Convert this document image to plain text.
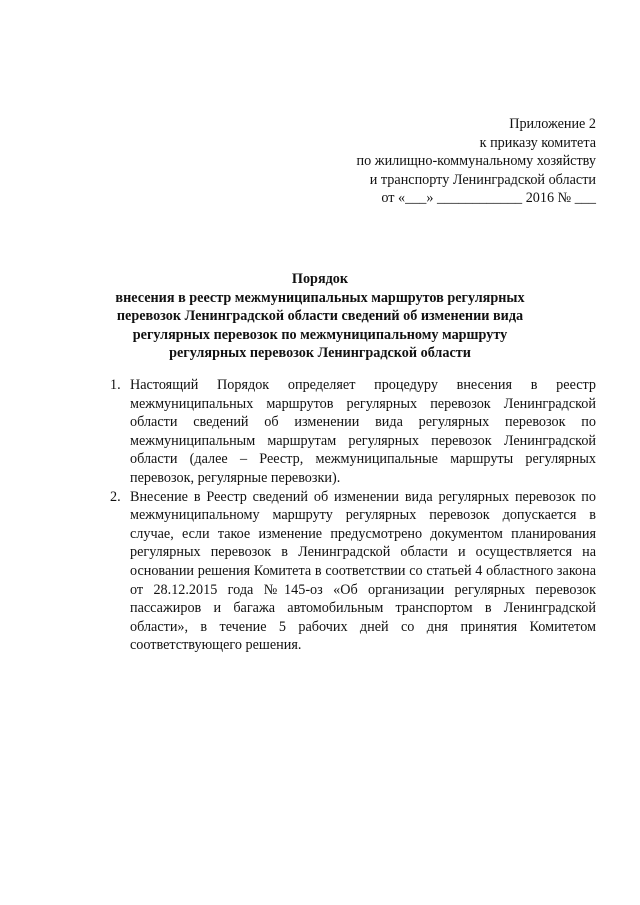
Приложение 2
к приказу комитета
по жилищно-коммунальному хозяйству
и транспорту Ленинградской области
от «___» ____________ 2016 № ___
Порядок
внесения в реестр межмуниципальных маршрутов регулярных
перевозок Ленинградской области сведений об изменении вида
регулярных перевозок по межмуниципальному маршруту
регулярных перевозок Ленинградской области
1. Настоящий Порядок определяет процедуру внесения в реестр межмуниципальных маршрутов регулярных перевозок Ленинградской области сведений об изменении вида регулярных перевозок по межмуниципальным маршрутам регулярных перевозок Ленинградской области (далее – Реестр, межмуниципальные маршруты регулярных перевозок, регулярные перевозки).
2. Внесение в Реестр сведений об изменении вида регулярных перевозок по межмуниципальному маршруту регулярных перевозок допускается в случае, если такое изменение предусмотрено документом планирования регулярных перевозок в Ленинградской области и осуществляется на основании решения Комитета в соответствии со статьей 4 областного закона от 28.12.2015 года №145-оз «Об организации регулярных перевозок пассажиров и багажа автомобильным транспортом в Ленинградской области», в течение 5 рабочих дней со дня принятия Комитетом соответствующего решения.
